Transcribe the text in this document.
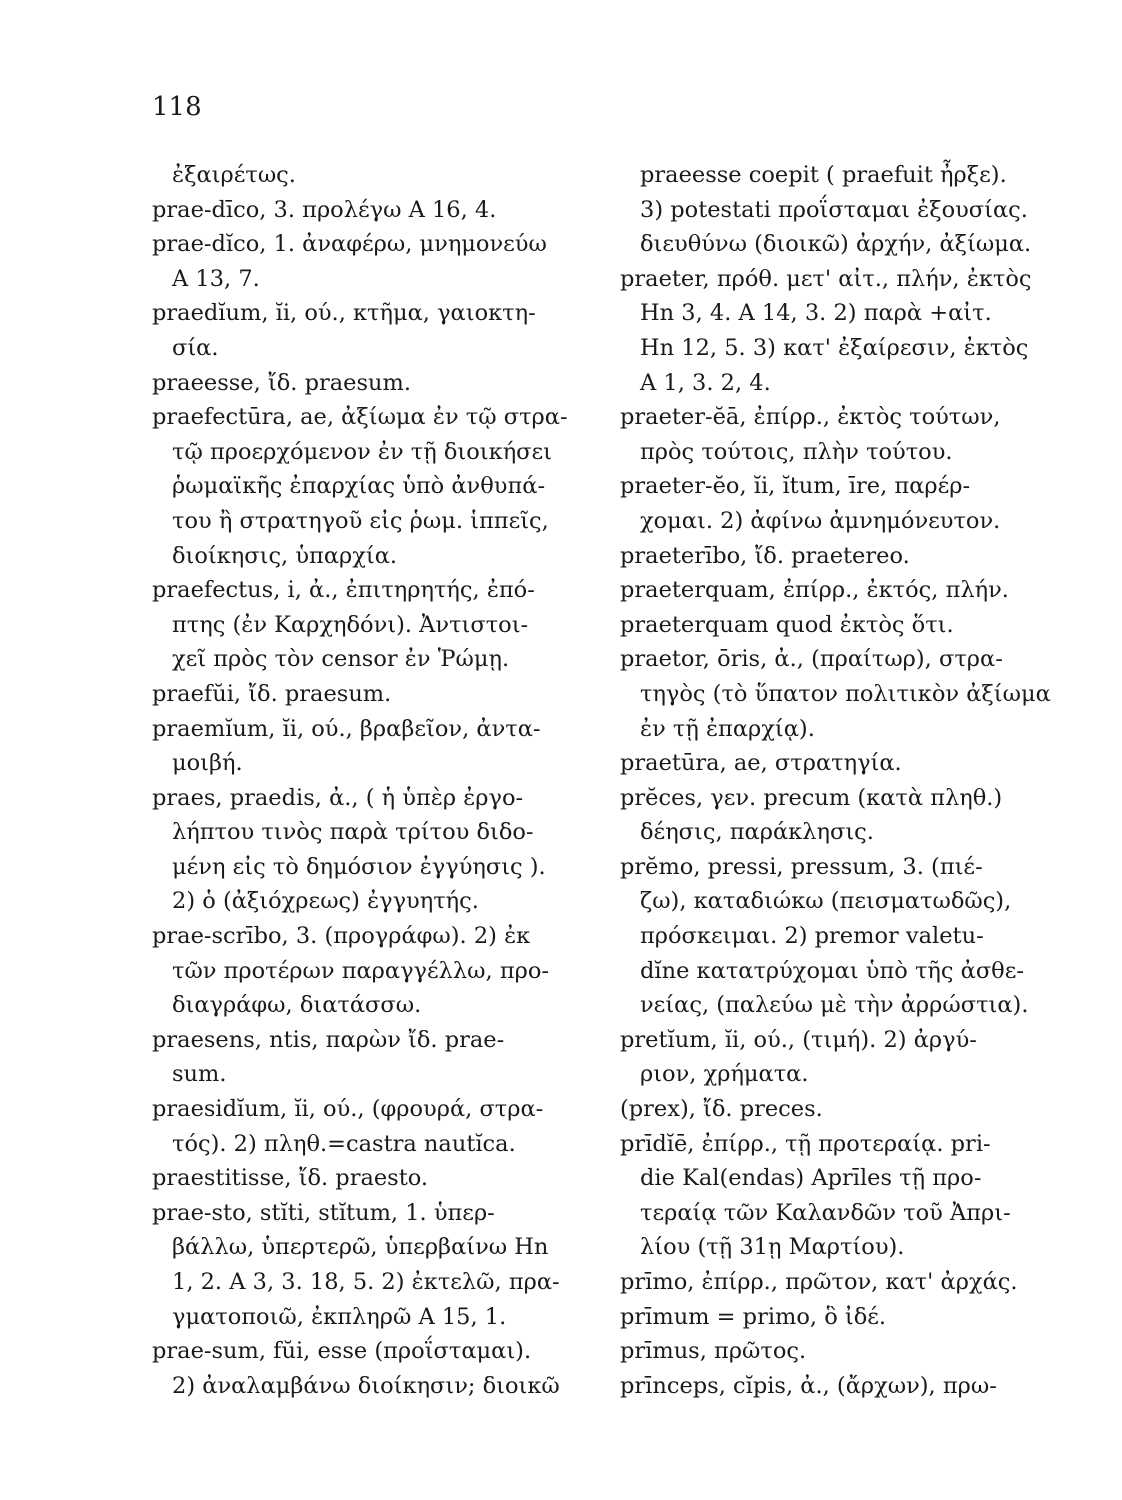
118
ἐξαιρέτως.
prae-dīco, 3. προλέγω A 16, 4.
prae-dĭco, 1. ἀναφέρω, μνημονεύω
A 13, 7.
praedĭum, ĭi, ού., κτῆμα, γαιοκτη-
σία.
praeesse, ἴδ. praesum.
praefectūra, ae, ἀξίωμα ἐν τῷ στρα-
τῷ προερχόμενον ἐν τῇ διοικήσει
ῥωμαϊκῆς ἐπαρχίας ὑπὸ ἀνθυπά-
του ἢ στρατηγοῦ εἰς ῥωμ. ἱππεῖς,
διοίκησις, ὑπαρχία.
praefectus, i, ἀ., ἐπιτηρητής, ἐπό-
πτης (ἐν Καρχηδόνι). Ἀντιστοι-
χεῖ πρὸς τὸν censor ἐν Ῥώμῃ.
praefŭi, ἴδ. praesum.
praemĭum, ĭi, ού., βραβεῖον, ἀντα-
μοιβή.
praes, praedis, ἀ., ( ἡ ὑπὲρ ἐργο-
λήπτου τινὸς παρὰ τρίτου διδο-
μένη εἰς τὸ δημόσιον ἐγγύησις ).
2) ὁ (ἀξιόχρεως) ἐγγυητής.
prae-scrībo, 3. (προγράφω). 2) ἐκ
τῶν προτέρων παραγγέλλω, προ-
διαγράφω, διατάσσω.
praesens, ntis, παρὼν ἴδ. prae-
sum.
praesidĭum, ĭi, ού., (φρουρά, στρα-
τός). 2) πληθ.=castra nautĭca.
praestitisse, ἴδ. praesto.
prae-sto, stĭti, stĭtum, 1. ὑπερ-
βάλλω, ὑπερτερῶ, ὑπερβαίνω Hn
1, 2. A 3, 3. 18, 5. 2) ἐκτελῶ, πρα-
γματοποιῶ, ἐκπληρῶ A 15, 1.
prae-sum, fŭi, esse (προΐσταμαι).
2) ἀναλαμβάνω διοίκησιν; διοικῶ
praeesse coepit ( praefuit ἦρξε).
3) potestati προΐσταμαι ἐξουσίας.
διευθύνω (διοικῶ) ἀρχήν, ἀξίωμα.
praeter, πρόθ. μετ' αἰτ., πλήν, ἐκτὸς
Hn 3, 4. A 14, 3. 2) παρὰ +αἰτ.
Hn 12, 5. 3) κατ' ἐξαίρεσιν, ἐκτὸς
A 1, 3. 2, 4.
praeter-ĕā, ἐπίρρ., ἐκτὸς τούτων,
πρὸς τούτοις, πλὴν τούτου.
praeter-ĕo, ĭi, ĭtum, īre, παρέρ-
χομαι. 2) ἀφίνω ἀμνημόνευτον.
praeterībo, ἴδ. praetereo.
praeterquam, ἐπίρρ., ἐκτός, πλήν.
praeterquam quod ἐκτὸς ὅτι.
praetor, ōris, ἀ., (πραίτωρ), στρα-
τηγὸς (τὸ ὕπατον πολιτικὸν ἀξίωμα
ἐν τῇ ἐπαρχίᾳ).
praetūra, ae, στρατηγία.
prĕces, γεν. precum (κατὰ πληθ.)
δέησις, παράκλησις.
prĕmo, pressi, pressum, 3. (πιέ-
ζω), καταδιώκω (πεισματωδῶς),
πρόσκειμαι. 2) premor valetu-
dĭne κατατρύχομαι ὑπὸ τῆς ἀσθε-
νείας, (παλεύω μὲ τὴν ἀρρώστια).
pretĭum, ĭi, ού., (τιμή). 2) ἀργύ-
ριον, χρήματα.
(prex), ἴδ. preces.
prīdĭē, ἐπίρρ., τῇ προτεραίᾳ. pri-
die Kal(endas) Aprīles τῇ προ-
τεραίᾳ τῶν Καλανδῶν τοῦ Ἀπρι-
λίου (τῇ 31ῃ Μαρτίου).
prīmo, ἐπίρρ., πρῶτον, κατ' ἀρχάς.
prīmum = primo, ὃ ἰδέ.
prīmus, πρῶτος.
prīnceps, cĭpis, ἀ., (ἄρχων), πρω-
